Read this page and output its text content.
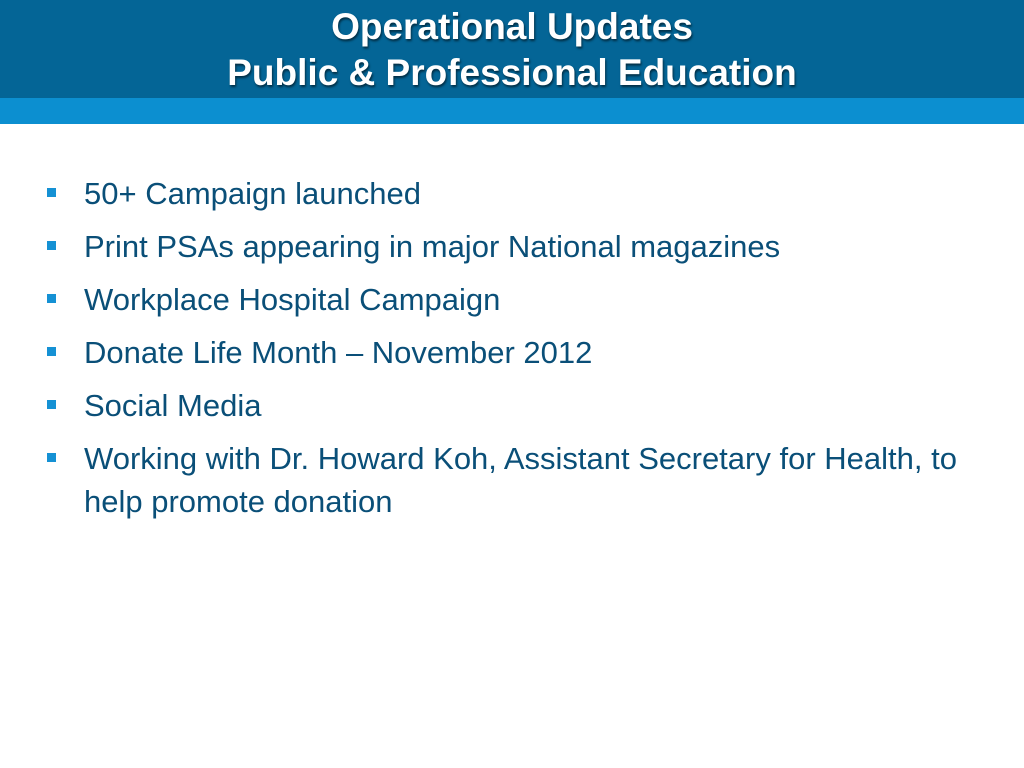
Operational Updates
Public & Professional Education
50+ Campaign launched
Print PSAs appearing in major National magazines
Workplace Hospital Campaign
Donate Life Month – November 2012
Social Media
Working with Dr. Howard Koh, Assistant Secretary for Health, to help promote donation
